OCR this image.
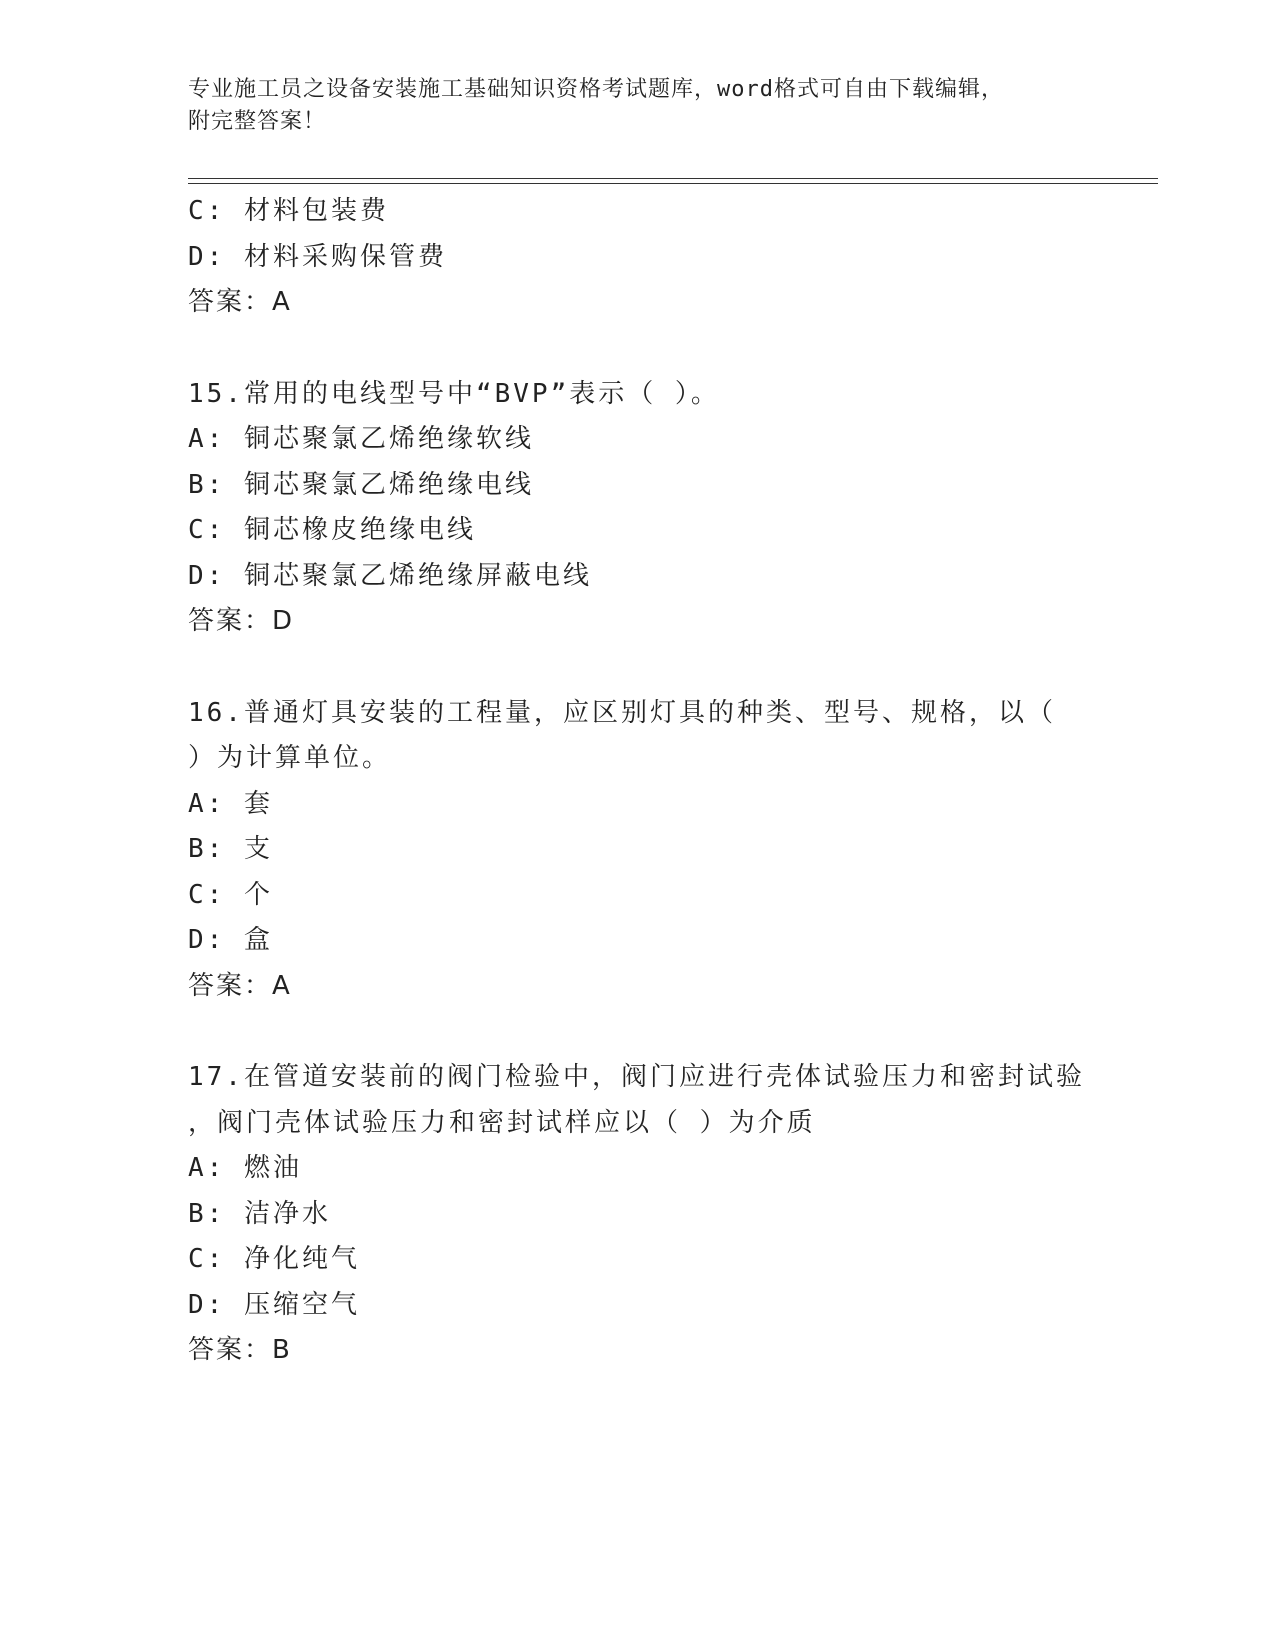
专业施工员之设备安装施工基础知识资格考试题库，word格式可自由下载编辑，
附完整答案！
C: 材料包装费
D: 材料采购保管费
答案：A
15.常用的电线型号中“BVP”表示（ ）。
A: 铜芯聚氯乙烯绝缘软线
B: 铜芯聚氯乙烯绝缘电线
C: 铜芯橡皮绝缘电线
D: 铜芯聚氯乙烯绝缘屏蔽电线
答案：D
16.普通灯具安装的工程量，应区别灯具的种类、型号、规格，以（
）为计算单位。
A: 套
B: 支
C: 个
D: 盒
答案：A
17.在管道安装前的阀门检验中，阀门应进行壳体试验压力和密封试验
，阀门壳体试验压力和密封试样应以（ ）为介质
A: 燃油
B: 洁净水
C: 净化纯气
D: 压缩空气
答案：B
